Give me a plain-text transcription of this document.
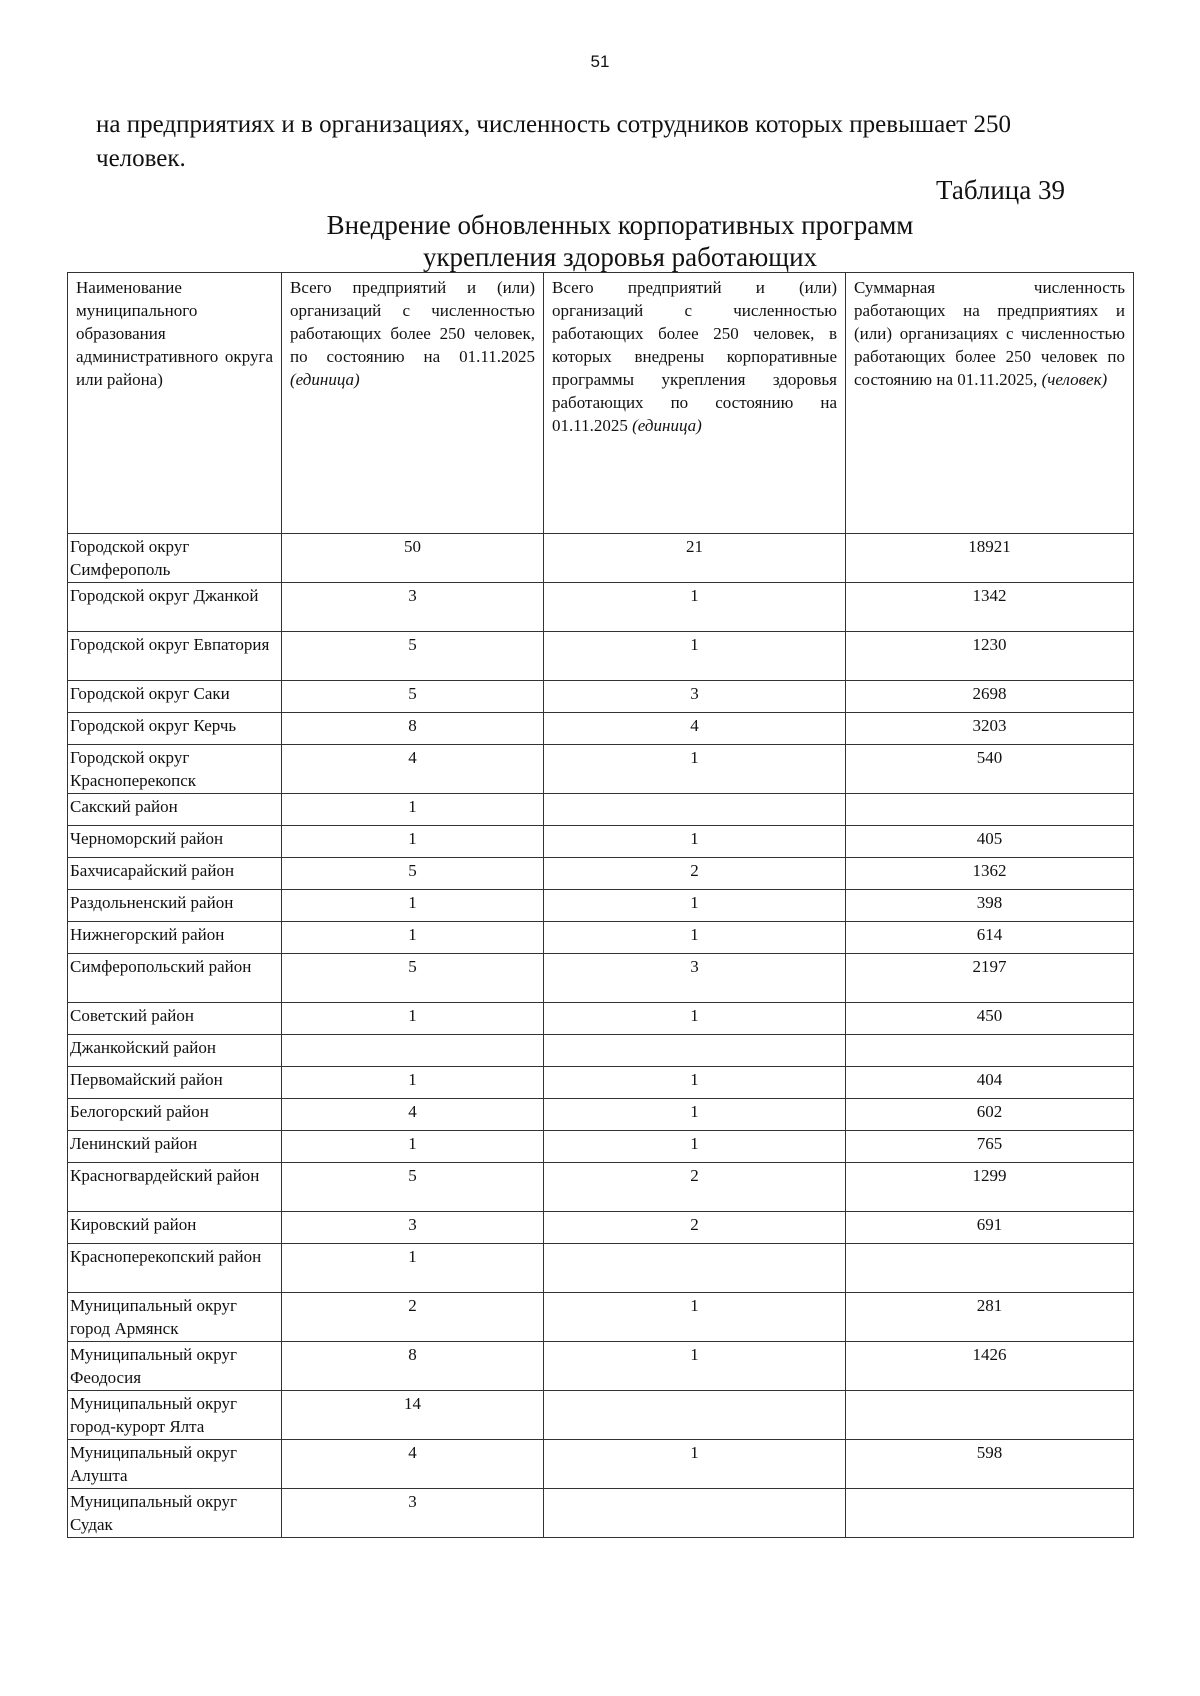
51

на предприятиях и в организациях, численность сотрудников которых превышает 250 человек.

Таблица 39
Внедрение обновленных корпоративных программ
укрепления здоровья работающих
Наименование муниципального образования административного округа или района)	Всего предприятий и (или) организаций с численностью работающих более 250 человек, по состоянию на 01.11.2025 (единица)	Всего предприятий и (или) организаций с численностью работающих более 250 человек, в которых внедрены корпоративные программы укрепления здоровья работающих по состоянию на 01.11.2025 (единица)	Суммарная численность работающих на предприятиях и (или) организациях с численностью работающих более 250 человек по состоянию на 01.11.2025, (человек)
Городской округ Симферополь	50	21	18921
Городской округ Джанкой	3	1	1342
Городской округ Евпатория	5	1	1230
Городской округ Саки	5	3	2698
Городской округ Керчь	8	4	3203
Городской округ Красноперекопск	4	1	540
Сакский район	1		
Черноморский район	1	1	405
Бахчисарайский район	5	2	1362
Раздольненский район	1	1	398
Нижнегорский район	1	1	614
Симферопольский район	5	3	2197
Советский район	1	1	450
Джанкойский район			
Первомайский район	1	1	404
Белогорский район	4	1	602
Ленинский район	1	1	765
Красногвардейский район	5	2	1299
Кировский район	3	2	691
Красноперекопский район	1		
Муниципальный округ город Армянск	2	1	281
Муниципальный округ Феодосия	8	1	1426
Муниципальный округ город-курорт Ялта	14		
Муниципальный округ Алушта	4	1	598
Муниципальный округ Судак	3		
